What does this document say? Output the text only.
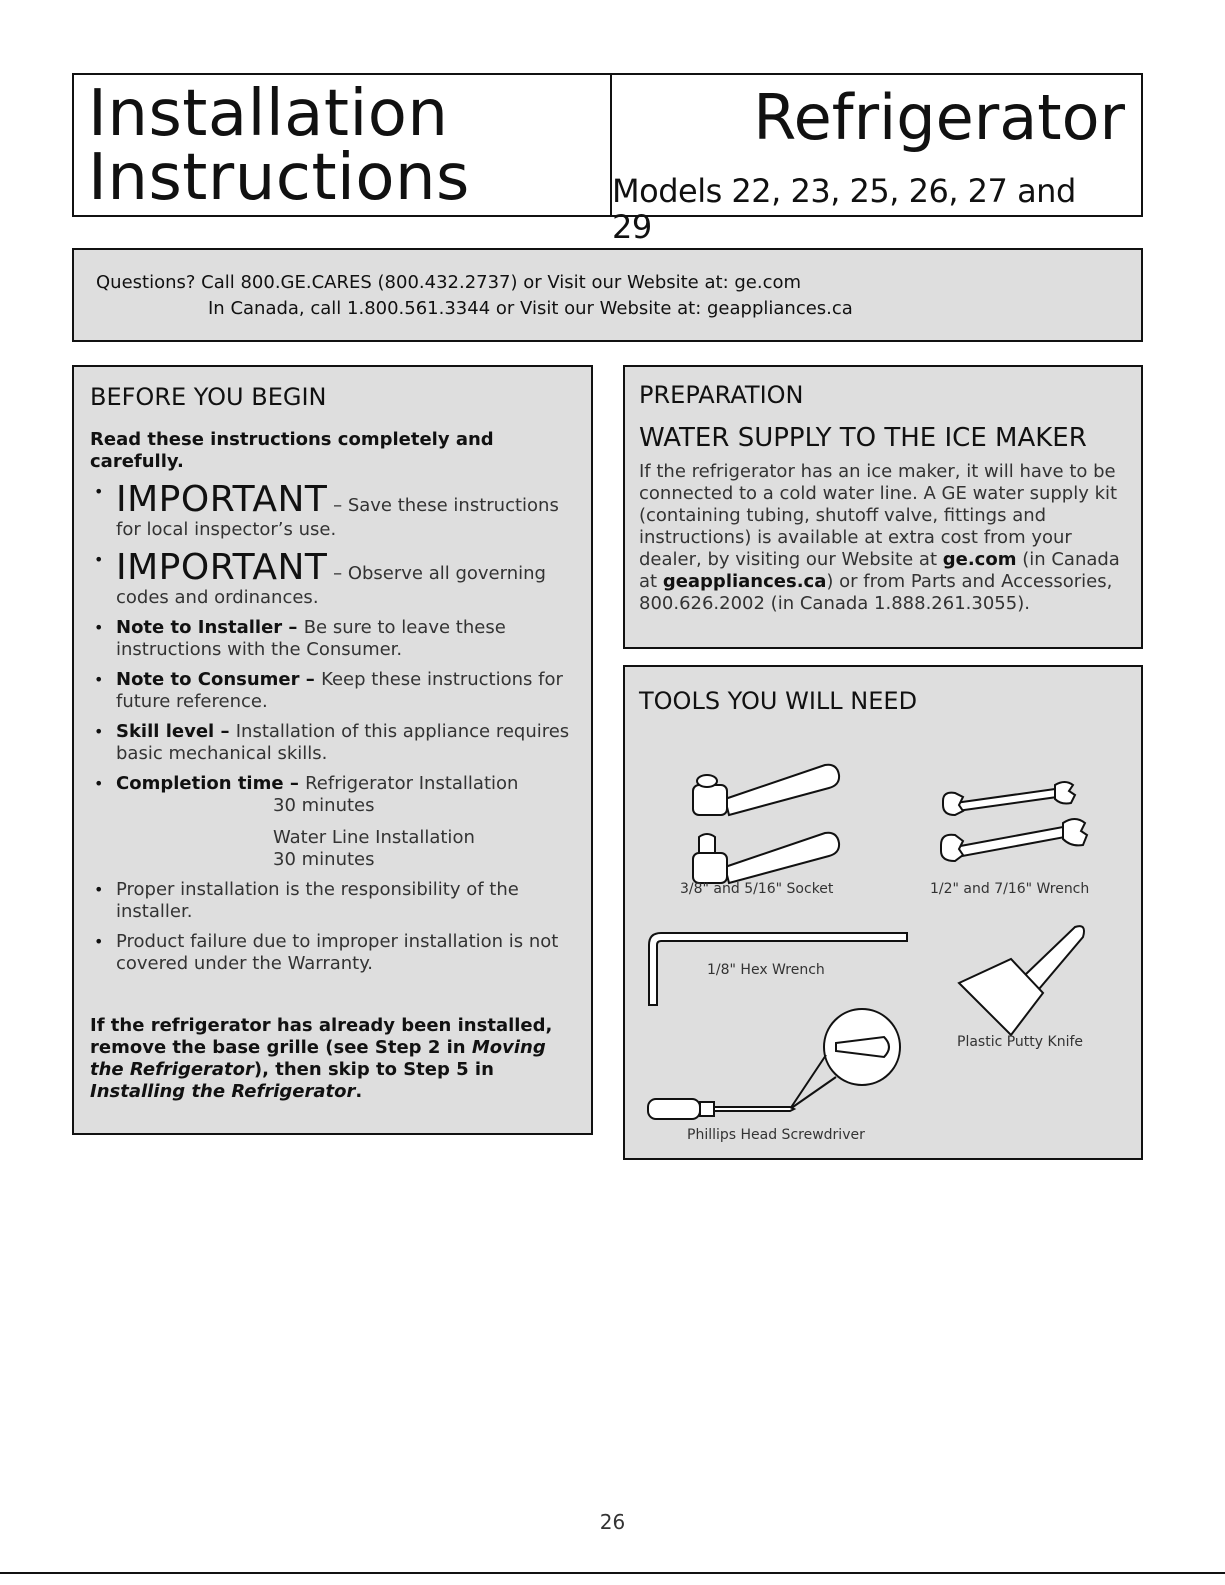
Installation
Instructions
Refrigerator
Models 22, 23, 25, 26, 27 and 29
Questions? Call 800.GE.CARES (800.432.2737) or Visit our Website at: ge.com
In Canada, call 1.800.561.3344 or Visit our Website at: geappliances.ca
BEFORE YOU BEGIN
Read these instructions completely and carefully.
• IMPORTANT – Save these instructions for local inspector’s use.
• IMPORTANT – Observe all governing codes and ordinances.
• Note to Installer – Be sure to leave these instructions with the Consumer.
• Note to Consumer – Keep these instructions for future reference.
• Skill level – Installation of this appliance requires basic mechanical skills.
• Completion time – Refrigerator Installation
30 minutes
Water Line Installation
30 minutes
• Proper installation is the responsibility of the installer.
• Product failure due to improper installation is not covered under the Warranty.
If the refrigerator has already been installed, remove the base grille (see Step 2 in Moving the Refrigerator), then skip to Step 5 in Installing the Refrigerator.
PREPARATION
WATER SUPPLY TO THE ICE MAKER
If the refrigerator has an ice maker, it will have to be connected to a cold water line. A GE water supply kit (containing tubing, shutoff valve, fittings and instructions) is available at extra cost from your dealer, by visiting our Website at ge.com (in Canada at geappliances.ca) or from Parts and Accessories, 800.626.2002 (in Canada 1.888.261.3055).
TOOLS YOU WILL NEED
3/8" and 5/16" Socket	1/2" and 7/16" Wrench
1/8" Hex Wrench
Plastic Putty Knife
Phillips Head Screwdriver
26
